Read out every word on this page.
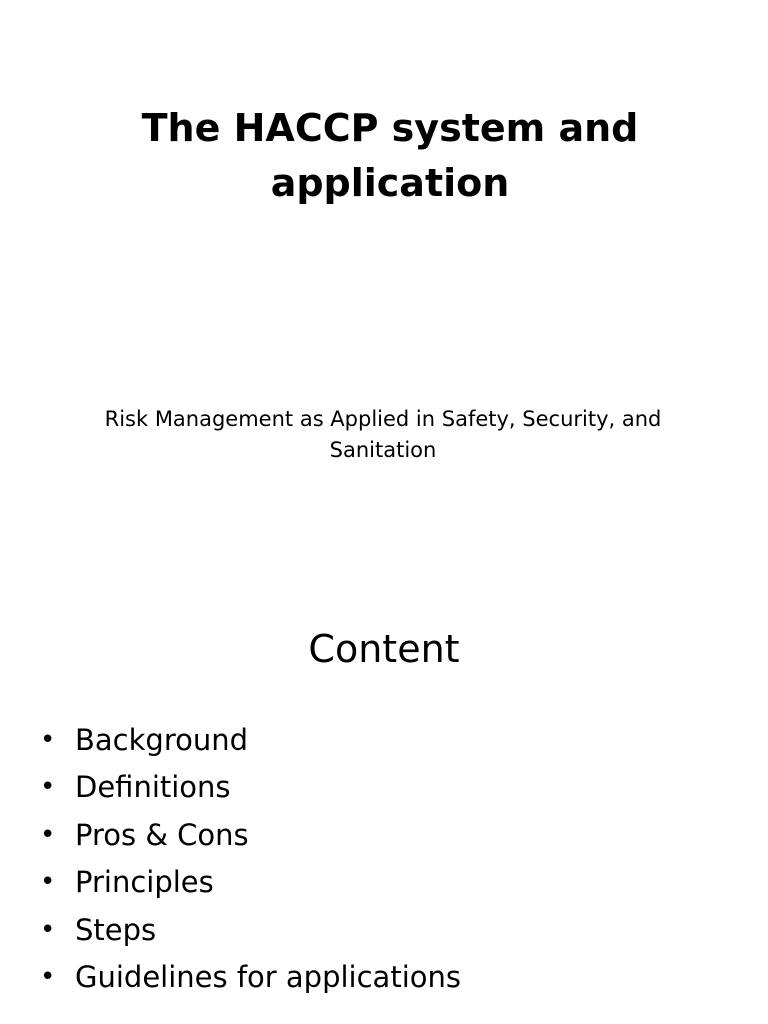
The HACCP system and application

Risk Management as Applied in Safety, Security, and Sanitation

Content
• Background
• Definitions
• Pros & Cons
• Principles
• Steps
• Guidelines for applications
